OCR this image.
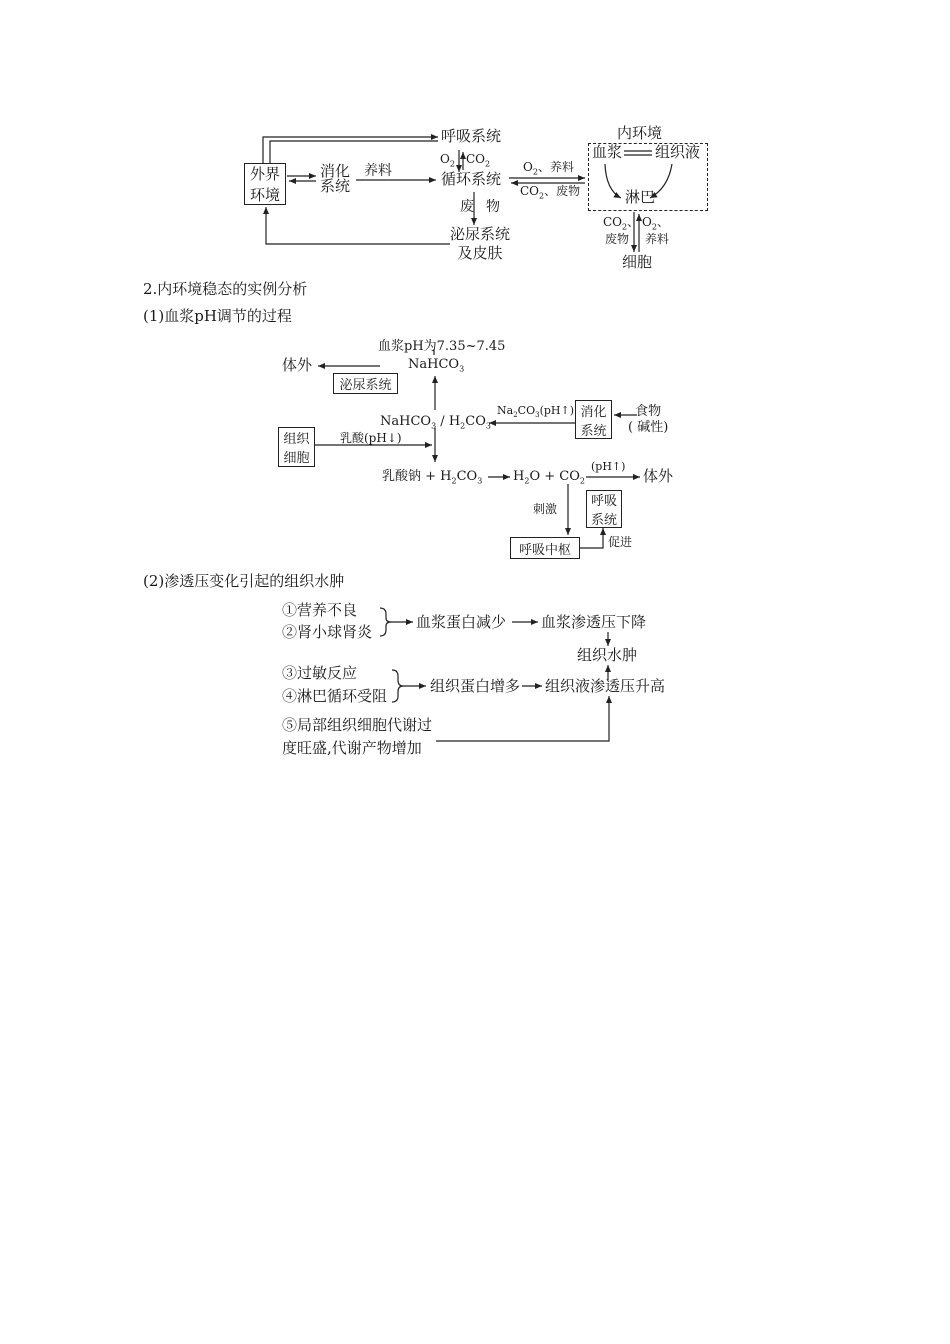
外界
环境
呼吸系统
消化
系统
养料	循环系统
$O_2$ $CO_2$
废 物
泌尿系统
及皮肤
$O_2$、养料
$CO_2$、废物
内环境
血浆 组织液
淋巴
$CO_2$、
废物
$O_2$、
养料
细胞
2.内环境稳态的实例分析
(1)血浆pH调节的过程
血浆pH为7.35~7.45
体外	NaHCO$_3$
泌尿系统
NaHCO$_3$ / $H_2CO_3$
$Na_2CO_3(pH↑)$ 消化
系统
食物
( 碱性)
组织
细胞
乳酸(pH↓)
乳酸钠 + $H_2CO_3$ $H_2O + CO_2$
(pH↑)
体外
刺激	呼吸
系统
呼吸中枢
促进
(2)渗透压变化引起的组织水肿
①营养不良
②肾小球肾炎
血浆蛋白减少 血浆渗透压下降
组织水肿
③过敏反应
④淋巴循环受阻
组织蛋白增多 组织液渗透压升高
⑤局部组织细胞代谢过
度旺盛,代谢产物增加
